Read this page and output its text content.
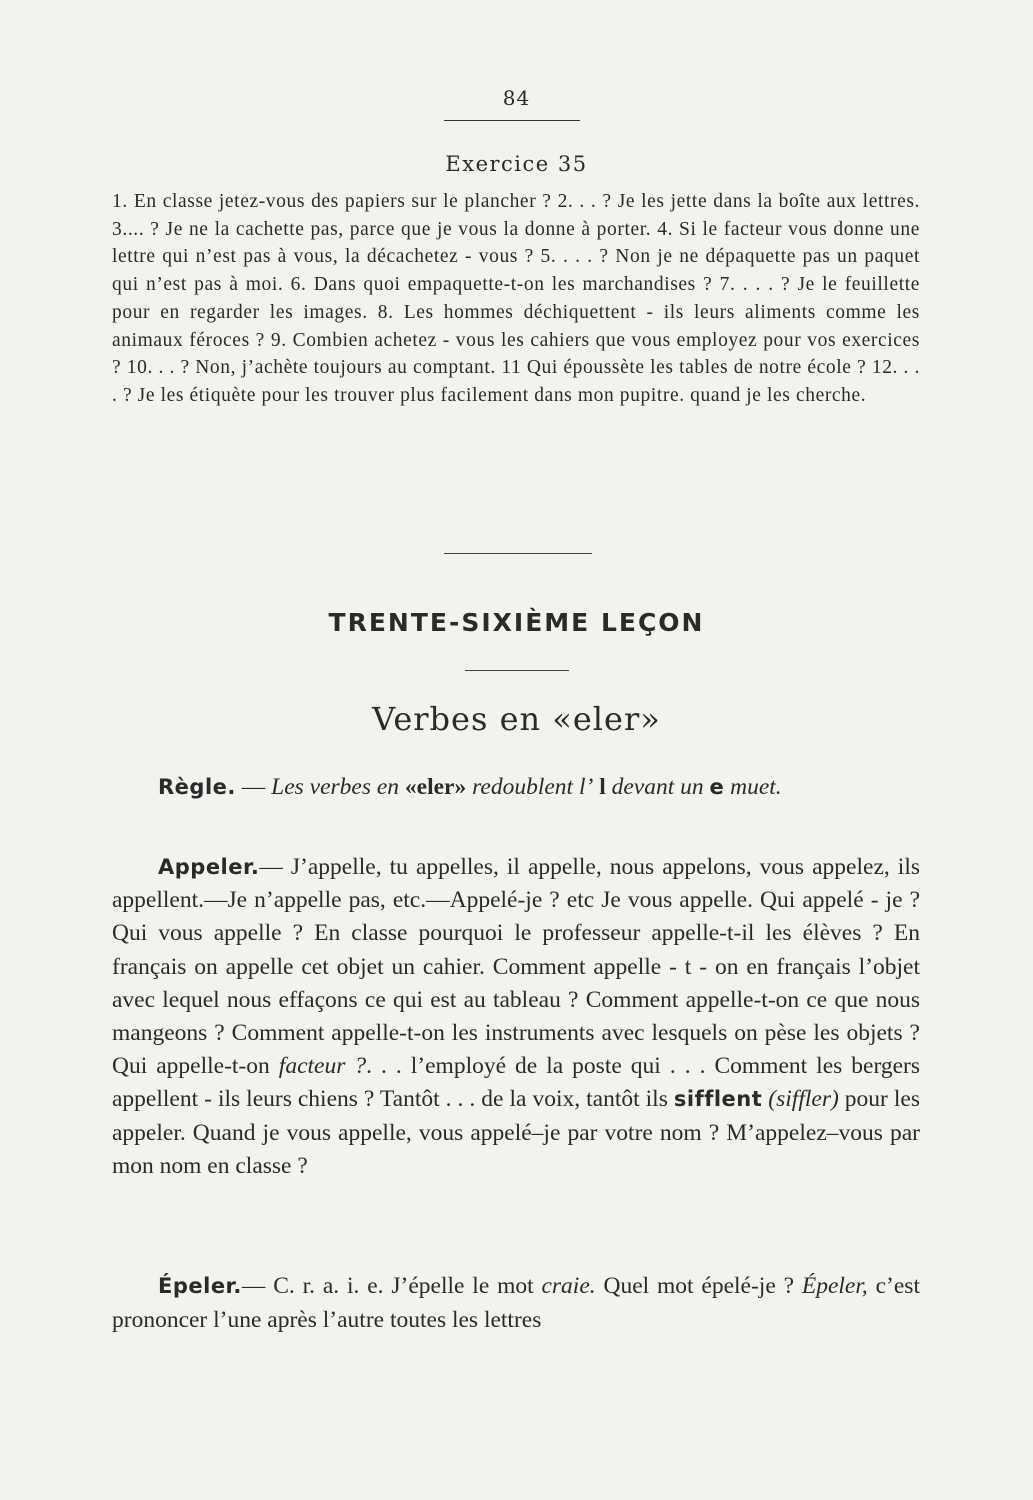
84
Exercice 35
1. En classe jetez-vous des papiers sur le plancher ? 2. . . ? Je les jette dans la boîte aux lettres. 3.... ? Je ne la cachette pas, parce que je vous la donne à porter. 4. Si le facteur vous donne une lettre qui n’est pas à vous, la décachetez - vous ? 5. . . . ? Non je ne dépaquette pas un paquet qui n’est pas à moi. 6. Dans quoi empaquette-t-on les marchandises ? 7. . . . ? Je le feuillette pour en regarder les images. 8. Les hommes déchiquettent - ils leurs aliments comme les animaux féroces ? 9. Combien achetez - vous les cahiers que vous employez pour vos exercices ? 10. . . ? Non, j’achète toujours au comptant. 11 Qui époussète les tables de notre école ? 12. . . . ? Je les étiquète pour les trouver plus facilement dans mon pupitre. quand je les cherche.
TRENTE-SIXIÈME LEÇON
Verbes en «eler»
Règle. — Les verbes en «eler» redoublent l’ l devant un e muet.
Appeler.— J’appelle, tu appelles, il appelle, nous appelons, vous appelez, ils appellent.—Je n’appelle pas, etc.—Appelé-je ? etc Je vous appelle. Qui appelé - je ? Qui vous appelle ? En classe pourquoi le professeur appelle-t-il les élèves ? En français on appelle cet objet un cahier. Comment appelle - t - on en français l’objet avec lequel nous effaçons ce qui est au tableau ? Comment appelle-t-on ce que nous mangeons ? Comment appelle-t-on les instruments avec lesquels on pèse les objets ? Qui appelle-t-on facteur ?. . . l’employé de la poste qui . . . Comment les bergers appellent - ils leurs chiens ? Tantôt . . . de la voix, tantôt ils sifflent (siffler) pour les appeler. Quand je vous appelle, vous appelé–je par votre nom ? M’appelez–vous par mon nom en classe ?
Épeler.— C. r. a. i. e. J’épelle le mot craie. Quel mot épelé-je ? Épeler, c’est prononcer l’une après l’autre toutes les lettres
